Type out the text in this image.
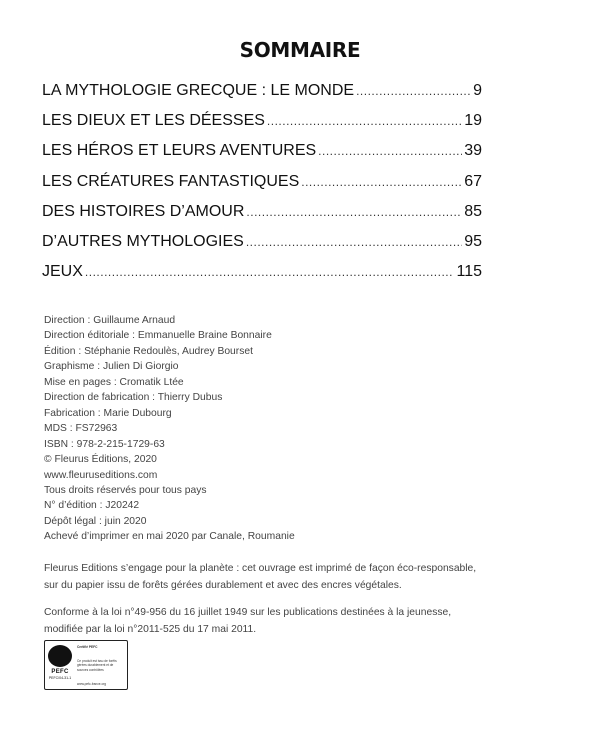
SOMMAIRE
LA MYTHOLOGIE GRECQUE : LE MONDE .....	9
LES DIEUX ET LES DÉESSES .....	19
LES HÉROS ET LEURS AVENTURES .....	39
LES CRÉATURES FANTASTIQUES .....	67
DES HISTOIRES D’AMOUR .....	85
D’AUTRES MYTHOLOGIES .....	95
JEUX .....	115
Direction : Guillaume Arnaud
Direction éditoriale : Emmanuelle Braine Bonnaire
Édition : Stéphanie Redoulès, Audrey Bourset
Graphisme : Julien Di Giorgio
Mise en pages : Cromatik Ltée
Direction de fabrication : Thierry Dubus
Fabrication : Marie Dubourg
MDS : FS72963
ISBN : 978-2-215-1729-63
© Fleurus Éditions, 2020
www.fleuruseditions.com
Tous droits réservés pour tous pays
N° d’édition : J20242
Dépôt légal : juin 2020
Achevé d’imprimer en mai 2020 par Canale, Roumanie
Fleurus Editions s’engage pour la planète : cet ouvrage est imprimé de façon éco-responsable,
sur du papier issu de forêts gérées durablement et avec des encres végétales.
Conforme à la loi n°49-956 du 16 juillet 1949 sur les publications destinées à la jeunesse,
modifiée par la loi n°2011-525 du 17 mai 2011.
PEFC
PEFC/04-31-1
Certifié PEFC
Ce produit est issu de forêts gérées durablement et de sources contrôlées
www.pefc-france.org
